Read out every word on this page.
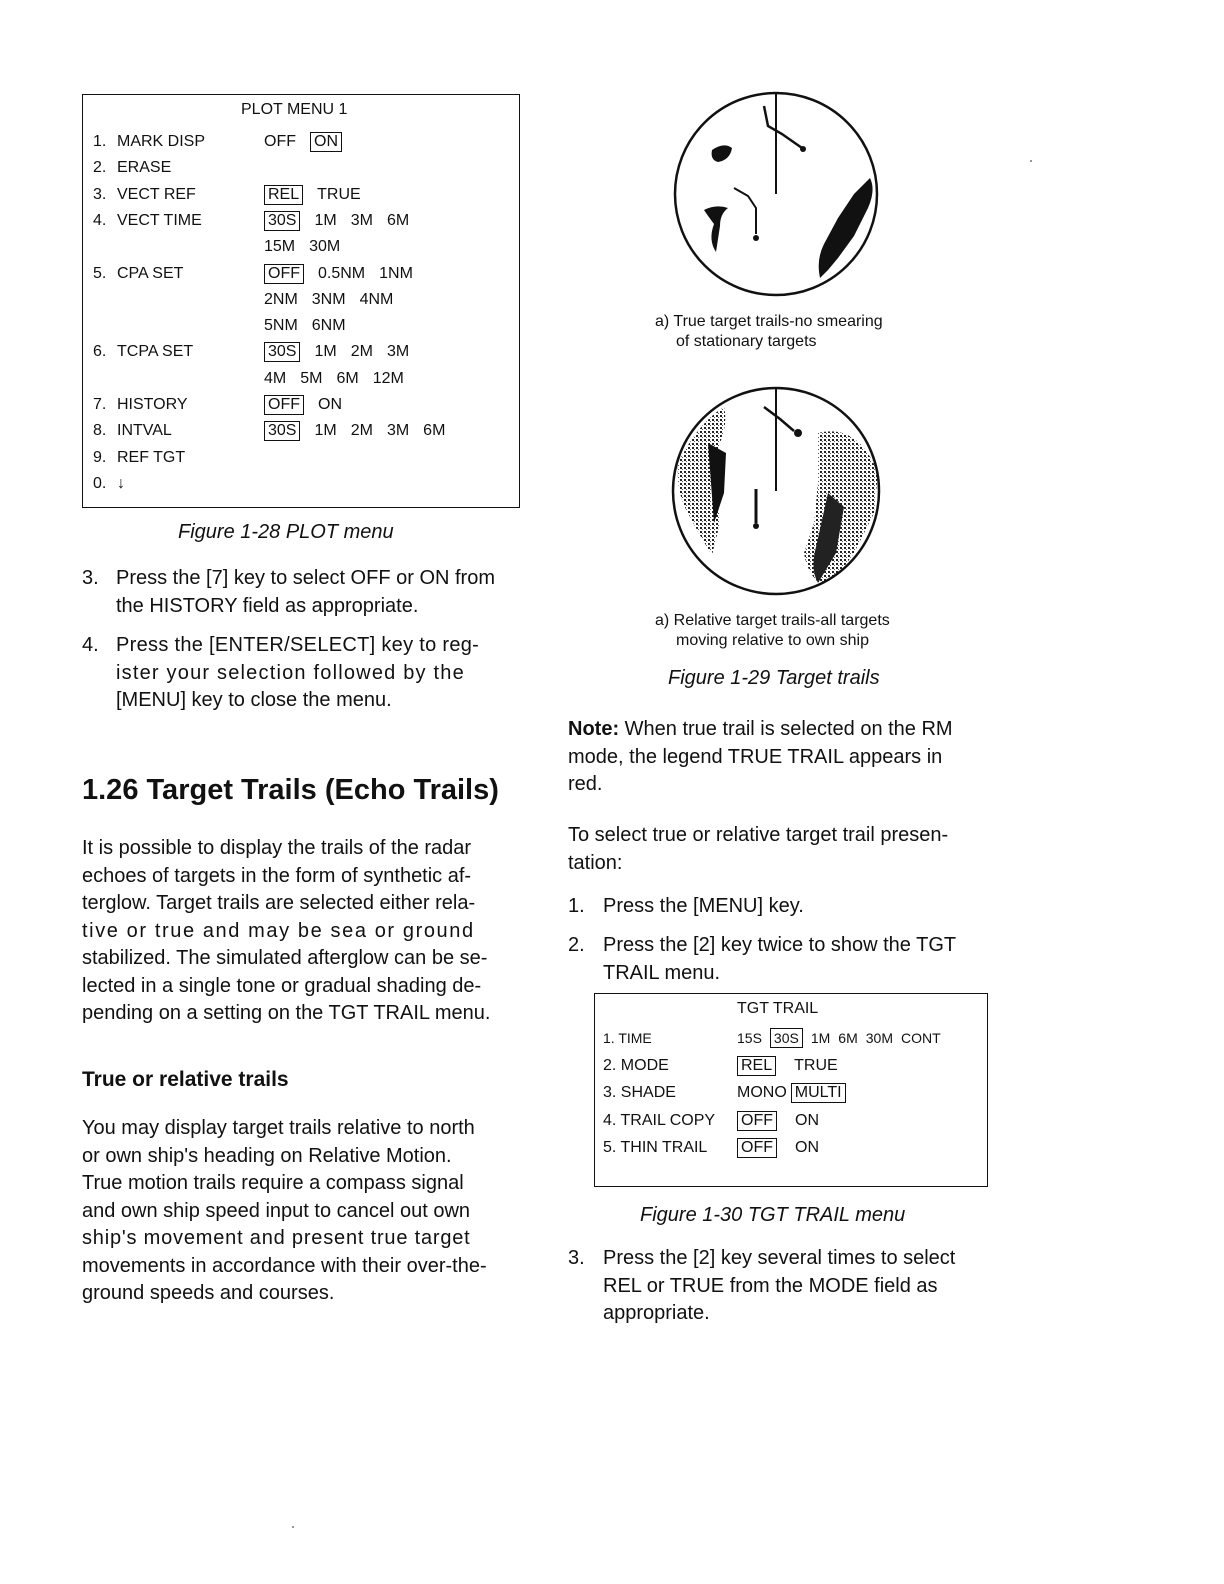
PLOT MENU 1
1. MARK DISP	OFF ON
2. ERASE
3. VECT REF	REL TRUE
4. VECT TIME	30S 1M 3M 6M
15M 30M
5. CPA SET	OFF 0.5NM 1NM
2NM 3NM 4NM
5NM 6NM
6. TCPA SET	30S 1M 2M 3M
4M 5M 6M 12M
7. HISTORY	OFF ON
8. INTVAL	30S 1M 2M 3M 6M
9. REF TGT
0. ↓
Figure 1-28 PLOT menu
3. Press the [7] key to select OFF or ON from
the HISTORY field as appropriate.
4. Press the [ENTER/SELECT] key to reg-
ister your selection followed by the
[MENU] key to close the menu.
1.26 Target Trails (Echo Trails)
It is possible to display the trails of the radar
echoes of targets in the form of synthetic af-
terglow. Target trails are selected either rela-
tive or true and may be sea or ground
stabilized. The simulated afterglow can be se-
lected in a single tone or gradual shading de-
pending on a setting on the TGT TRAIL menu.
True or relative trails
You may display target trails relative to north
or own ship's heading on Relative Motion.
True motion trails require a compass signal
and own ship speed input to cancel out own
ship's movement and present true target
movements in accordance with their over-the-
ground speeds and courses.
a) True target trails-no smearing
of stationary targets
a) Relative target trails-all targets
moving relative to own ship
Figure 1-29 Target trails
Note: When true trail is selected on the RM
mode, the legend TRUE TRAIL appears in
red.
To select true or relative target trail presen-
tation:
1. Press the [MENU] key.
2. Press the [2] key twice to show the TGT
TRAIL menu.
TGT TRAIL
1. TIME	15S 30S 1M 6M 30M CONT
2. MODE	REL TRUE
3. SHADE	MONO MULTI
4. TRAIL COPY OFF ON
5. THIN TRAIL OFF ON
Figure 1-30 TGT TRAIL menu
3. Press the [2] key several times to select
REL or TRUE from the MODE field as
appropriate.
